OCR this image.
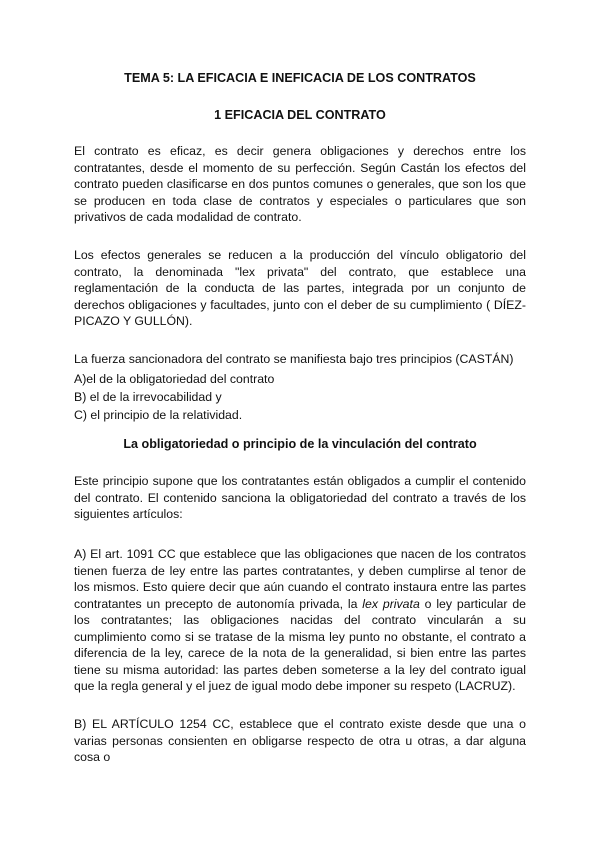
TEMA 5: LA EFICACIA E INEFICACIA DE LOS CONTRATOS
1 EFICACIA DEL CONTRATO
El contrato es eficaz, es decir genera obligaciones y derechos entre los contratantes, desde el momento de su perfección. Según Castán los efectos del contrato pueden clasificarse en dos puntos comunes o generales, que son los que se producen en toda clase de contratos y especiales o particulares que son privativos de cada modalidad de contrato.
Los efectos generales se reducen a la producción del vínculo obligatorio del contrato, la denominada "lex privata" del contrato, que establece una reglamentación de la conducta de las partes, integrada por un conjunto de derechos obligaciones y facultades, junto con el deber de su cumplimiento ( DÍEZ-PICAZO Y GULLÓN).
La fuerza sancionadora del contrato se manifiesta bajo tres principios (CASTÁN)
A)el de la obligatoriedad del contrato
B) el de la irrevocabilidad y
C) el principio de la relatividad.
La obligatoriedad o principio de la vinculación del contrato
Este principio supone que los contratantes están obligados a cumplir el contenido del contrato. El contenido sanciona la obligatoriedad del contrato a través de los siguientes artículos:
A) El art. 1091 CC que establece que las obligaciones que nacen de los contratos tienen fuerza de ley entre las partes contratantes, y deben cumplirse al tenor de los mismos. Esto quiere decir que aún cuando el contrato instaura entre las partes contratantes un precepto de autonomía privada, la lex privata o ley particular de los contratantes; las obligaciones nacidas del contrato vincularán a su cumplimiento como si se tratase de la misma ley punto no obstante, el contrato a diferencia de la ley, carece de la nota de la generalidad, si bien entre las partes tiene su misma autoridad: las partes deben someterse a la ley del contrato igual que la regla general y el juez de igual modo debe imponer su respeto (LACRUZ).
B) EL ARTÍCULO 1254 CC, establece que el contrato existe desde que una o varias personas consienten en obligarse respecto de otra u otras, a dar alguna cosa o
